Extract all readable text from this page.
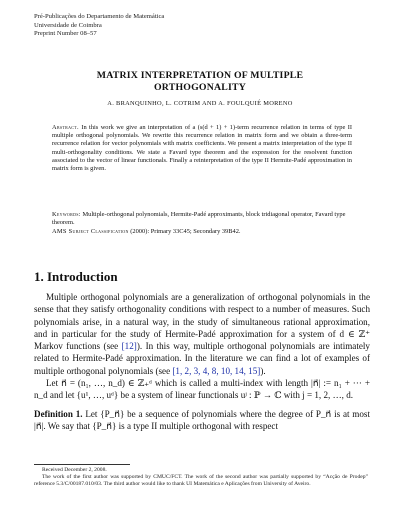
Pré-Publicações do Departamento de Matemática
Universidade de Coimbra
Preprint Number 08–57
MATRIX INTERPRETATION OF MULTIPLE
ORTHOGONALITY
A. BRANQUINHO, L. COTRIM AND A. FOULQUIÉ MORENO
Abstract. In this work we give an interpretation of a (s(d + 1) + 1)-term recurrence relation in terms of type II multiple orthogonal polynomials. We rewrite this recurrence relation in matrix form and we obtain a three-term recurrence relation for vector polynomials with matrix coefficients. We present a matrix interpretation of the type II multi-orthogonality conditions. We state a Favard type theorem and the expression for the resolvent function associated to the vector of linear functionals. Finally a reinterpretation of the type II Hermite-Padé approximation in matrix form is given.
Keywords: Multiple-orthogonal polynomials, Hermite-Padé approximants, block tridiagonal operator, Favard type theorem.
AMS Subject Classification (2000): Primary 33C45; Secondary 39B42.
1. Introduction

Multiple orthogonal polynomials are a generalization of orthogonal polynomials in the sense that they satisfy orthogonality conditions with respect to a number of measures. Such polynomials arise, in a natural way, in the study of simultaneous rational approximation, and in particular for the study of Hermite-Padé approximation for a system of d ∈ ℤ⁺ Markov functions (see [12]). In this way, multiple orthogonal polynomials are intimately related to Hermite-Padé approximation. In the literature we can find a lot of examples of multiple orthogonal polynomials (see [1, 2, 3, 4, 8, 10, 14, 15]).

Let n⃗ = (n₁, …, n_d) ∈ ℤ₊ᵈ which is called a multi-index with length |n⃗| := n₁ + ··· + n_d and let {u¹, …, uᵈ} be a system of linear functionals uʲ : ℙ → ℂ with j = 1, 2, …, d.

Definition 1. Let {P_n⃗} be a sequence of polynomials where the degree of P_n⃗ is at most |n⃗|. We say that {P_n⃗} is a type II multiple orthogonal with respect

Received December 2, 2008.
The work of the first author was supported by CMUC/FCT. The work of the second author was partially supported by “Acção de Prodep” reference 5.3/C/00187.010/03. The third author would like to thank UI Matemática e Aplicações from University of Aveiro.
